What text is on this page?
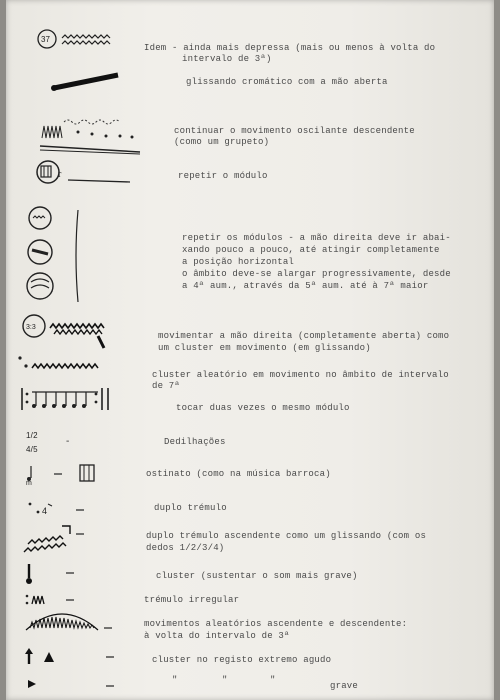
37
Idem - ainda mais depressa (mais ou menos à volta do
intervalo de 3ª)
glissando cromático com a mão aberta
continuar o movimento oscilante descendente
(como um grupeto)
r	repetir o módulo
repetir os módulos - a mão direita deve ir abai-
xando pouco a pouco, até atingir completamente
a posição horizontal
o âmbito deve-se alargar progressivamente, desde
a 4ª aum., através da 5ª aum. até à 7ª maior
3:3
movimentar a mão direita (completamente aberta) como
um cluster em movimento (em glissando)
cluster aleatório em movimento no âmbito de intervalo
de 7ª
tocar duas vezes o mesmo módulo
1/2
4/5
-	Dedilhações
m
ostinato (como na música barroca)
4	duplo trémulo
duplo trémulo ascendente como um glissando (com os
dedos 1/2/3/4)
cluster (sustentar o som mais grave)
trémulo irregular
movimentos aleatórios ascendente e descendente:
à volta do intervalo de 3ª
cluster no registo extremo agudo
"	"	"
grave
